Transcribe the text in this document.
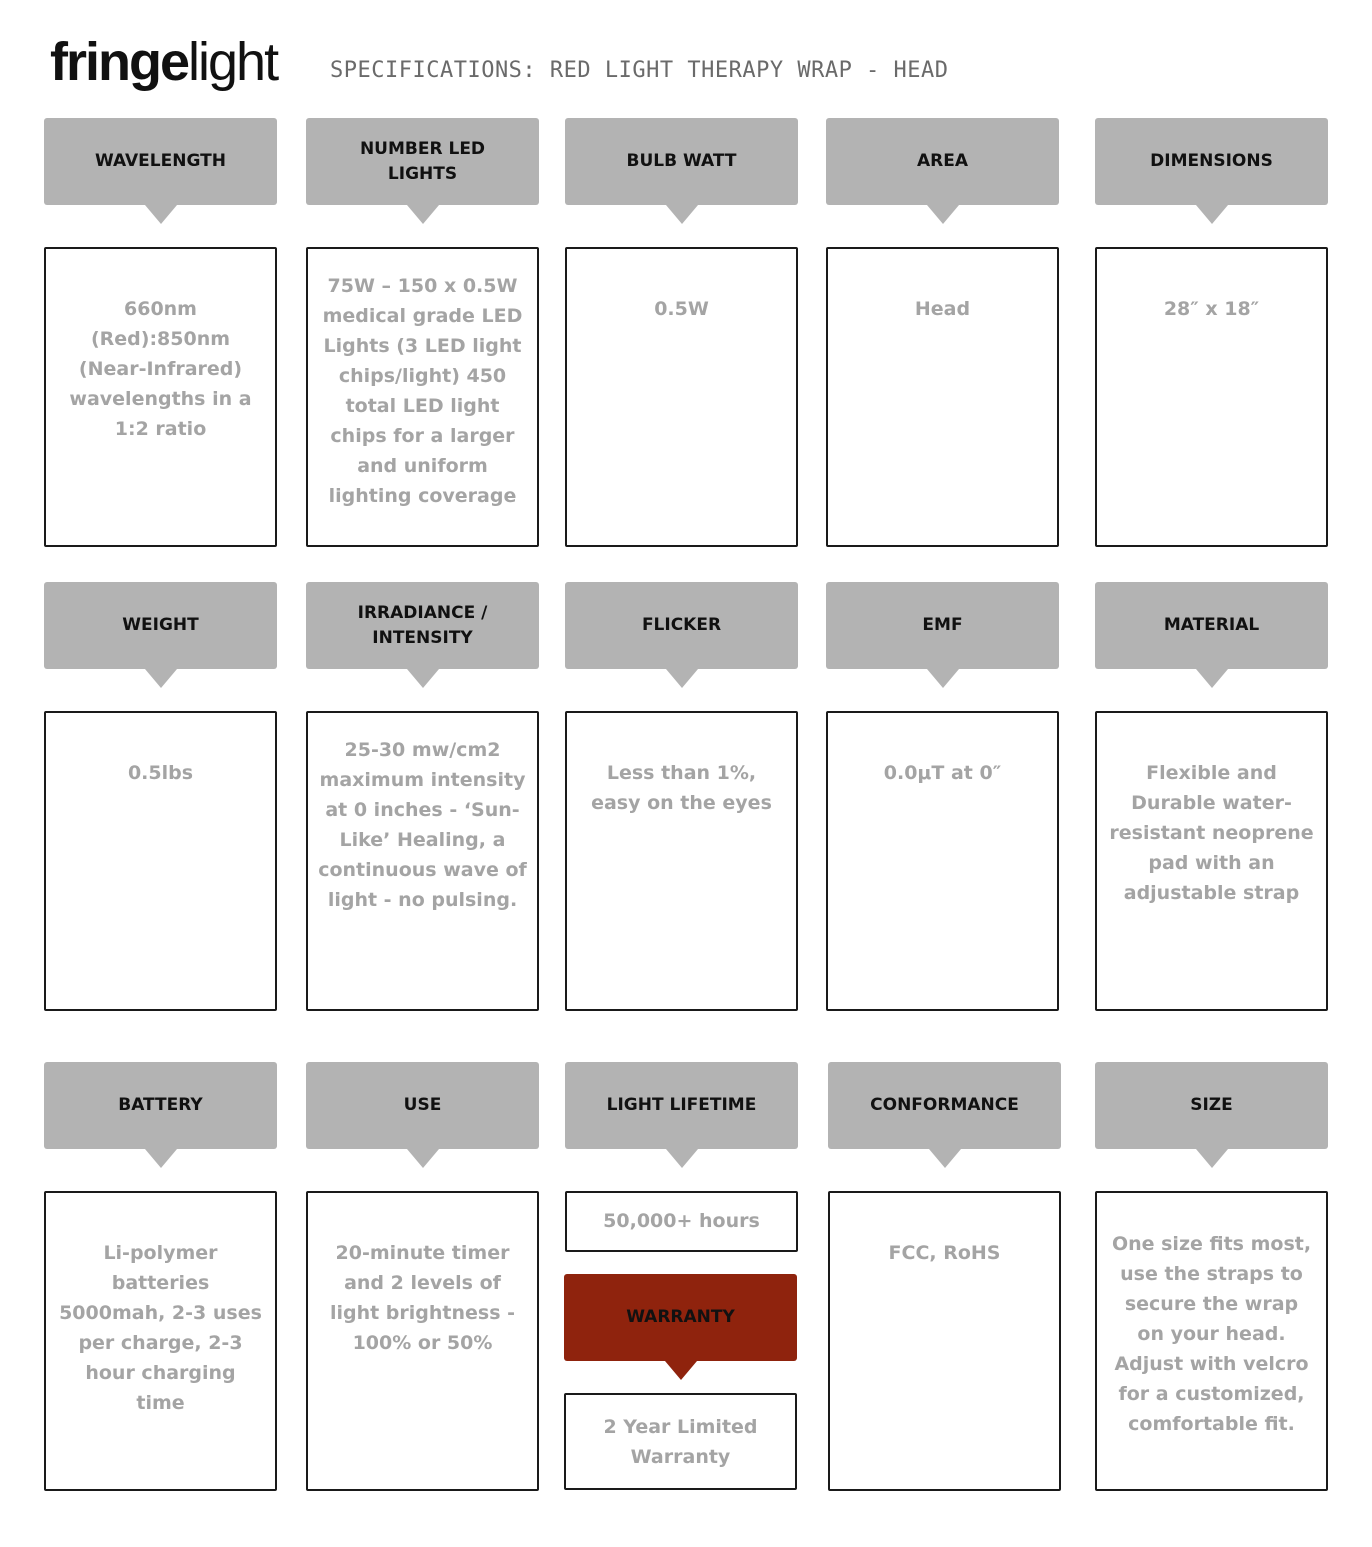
fringelight SPECIFICATIONS: RED LIGHT THERAPY WRAP - HEAD
WAVELENGTH
660nm (Red):850nm (Near-Infrared) wavelengths in a 1:2 ratio
NUMBER LED LIGHTS
75W – 150 x 0.5W medical grade LED Lights (3 LED light chips/light) 450 total LED light chips for a larger and uniform lighting coverage
BULB WATT
0.5W
AREA
Head
DIMENSIONS
28″ x 18″
WEIGHT
0.5lbs
IRRADIANCE / INTENSITY
25-30 mw/cm2 maximum intensity at 0 inches - ‘Sun-Like’ Healing, a continuous wave of light - no pulsing.
FLICKER
Less than 1%, easy on the eyes
EMF
0.0μT at 0″
MATERIAL
Flexible and Durable water-resistant neoprene pad with an adjustable strap
BATTERY
Li-polymer batteries 5000mah, 2-3 uses per charge, 2-3 hour charging time
USE
20-minute timer and 2 levels of light brightness - 100% or 50%
LIGHT LIFETIME
50,000+ hours
WARRANTY
2 Year Limited Warranty
CONFORMANCE
FCC, RoHS
SIZE
One size fits most, use the straps to secure the wrap on your head. Adjust with velcro for a customized, comfortable fit.
